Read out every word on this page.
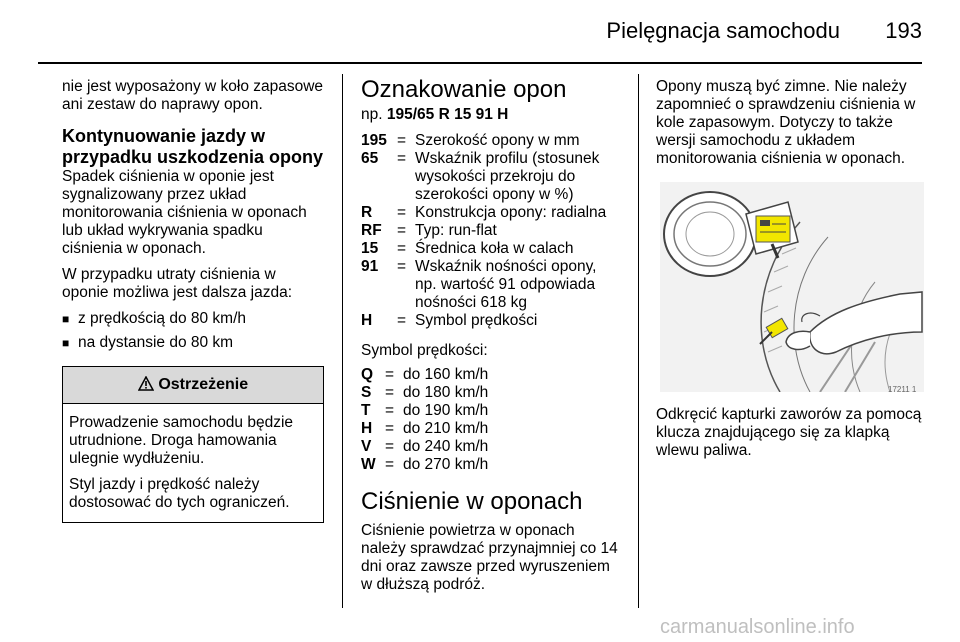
Pielęgnacja samochodu 193

nie jest wyposażony w koło zapasowe ani zestaw do naprawy opon.

Kontynuowanie jazdy w przypadku uszkodzenia opony

Spadek ciśnienia w oponie jest sygnalizowany przez układ monitorowania ciśnienia w oponach lub układ wykrywania spadku ciśnienia w oponach.

W przypadku utraty ciśnienia w oponie możliwa jest dalsza jazda:

■ z prędkością do 80 km/h
■ na dystansie do 80 km
Ostrzeżenie

Prowadzenie samochodu będzie utrudnione. Droga hamowania ulegnie wydłużeniu.

Styl jazdy i prędkość należy dostosować do tych ograniczeń.

Oznakowanie opon

np. 195/65 R 15 91 H

195 = Szerokość opony w mm
65	= Wskaźnik profilu (stosunek wysokości przekroju do szerokości opony w %)
R	= Konstrukcja opony: radialna
RF = Typ: run-flat
15	= Średnica koła w calach
91	= Wskaźnik nośności opony, np. wartość 91 odpowiada nośności 618 kg
H	= Symbol prędkości

Symbol prędkości:

Q = do 160 km/h
S = do 180 km/h
T = do 190 km/h
H = do 210 km/h
V = do 240 km/h
W = do 270 km/h
Ciśnienie w oponach

Ciśnienie powietrza w oponach należy sprawdzać przynajmniej co 14 dni oraz zawsze przed wyruszeniem w dłuższą podróż.

Opony muszą być zimne. Nie należy zapomnieć o sprawdzeniu ciśnienia w kole zapasowym. Dotyczy to także wersji samochodu z układem monitorowania ciśnienia w oponach.

17211 1

Odkręcić kapturki zaworów za pomocą klucza znajdującego się za klapką wlewu paliwa.

carmanualsonline.info
